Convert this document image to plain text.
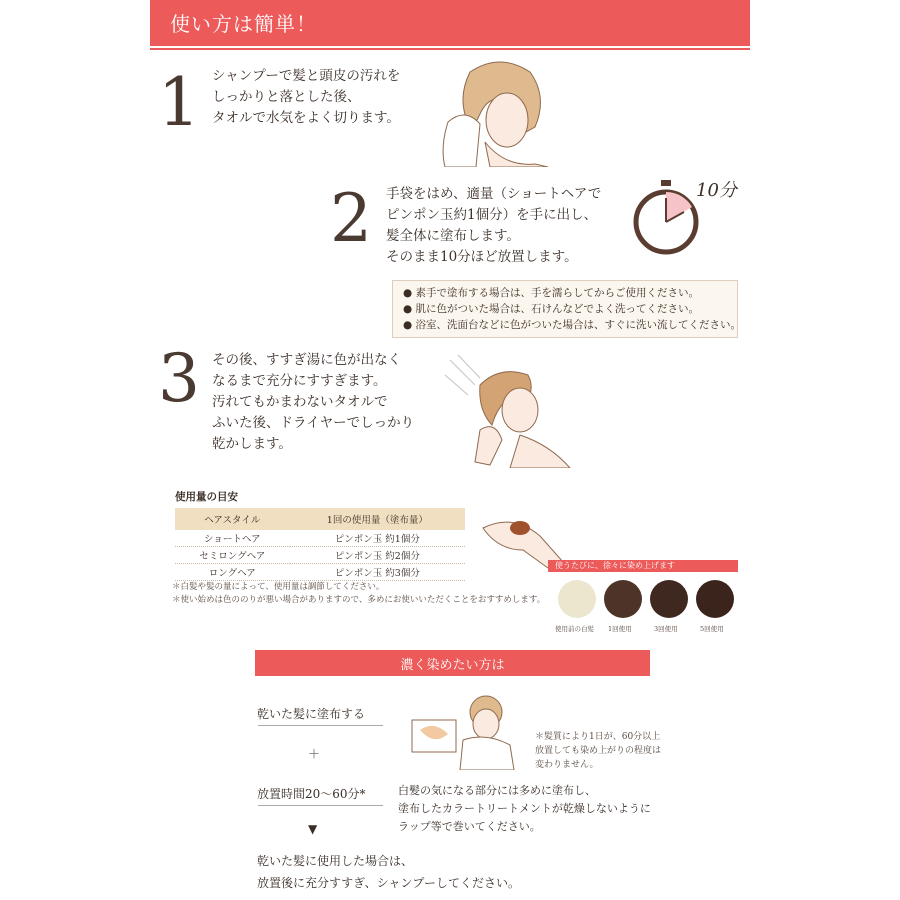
使い方は簡単！
1 シャンプーで髪と頭皮の汚れを
しっかりと落とした後、
タオルで水気をよく切ります。
2 手袋をはめ、適量（ショートヘアで
ピンポン玉約1個分）を手に出し、
髪全体に塗布します。
そのまま10分ほど放置します。
10分
● 素手で塗布する場合は、手を濡らしてからご使用ください。
● 肌に色がついた場合は、石けんなどでよく洗ってください。
● 浴室、洗面台などに色がついた場合は、すぐに洗い流してください。
3 その後、すすぎ湯に色が出なく
なるまで充分にすすぎます。
汚れてもかまわないタオルで
ふいた後、ドライヤーでしっかり
乾かします。
使用量の目安
ヘアスタイル	1回の使用量（塗布量）
ショートヘア	ピンポン玉 約1個分
セミロングヘア	ピンポン玉 約2個分
ロングヘア	ピンポン玉 約3個分
＊白髪や髪の量によって、使用量は調節してください。
＊使い始めは色ののりが悪い場合がありますので、多めにお使いいただくことをおすすめします。
使うたびに、徐々に染め上げます
使用前の白髪 1回使用	3回使用	5回使用
濃く染めたい方は
乾いた髪に塗布する
＋
放置時間20～60分*
▼
＊髪質により1日が、60分以上
放置しても染め上がりの程度は
変わりません。
白髪の気になる部分には多めに塗布し、
塗布したカラートリートメントが乾燥しないように
ラップ等で巻いてください。
乾いた髪に使用した場合は、
放置後に充分すすぎ、シャンプーしてください。
